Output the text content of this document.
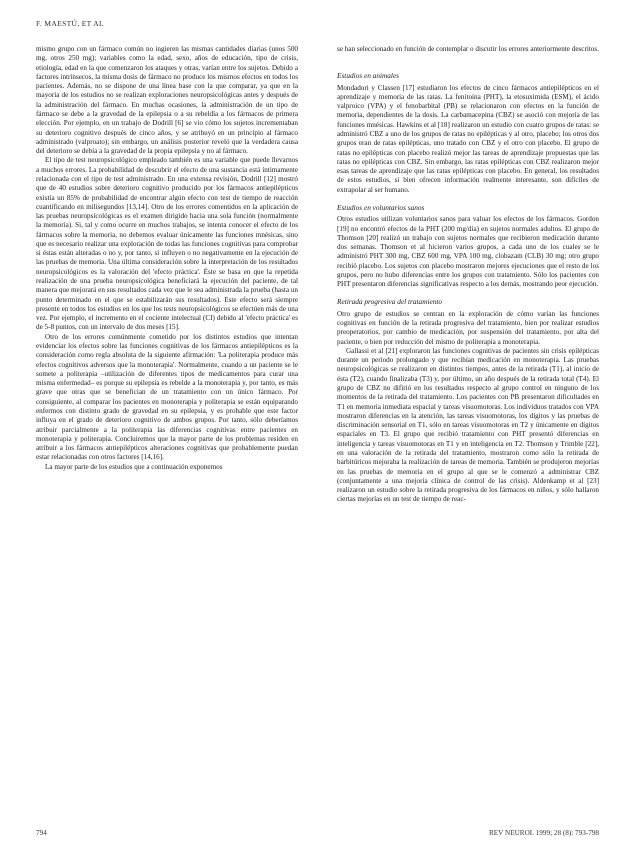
F. MAESTÚ, ET AL

mismo grupo con un fármaco común no ingieren las mismas cantidades diarias (unos 500 mg, otros 250 mg); variables como la edad, sexo, años de educación, tipo de crisis, etiología, edad en la que comenzaron los ataques y otras, varían entre los sujetos. Debido a factores intrínsecos, la misma dosis de fármaco no produce los mismos efectos en todos los pacientes. Además, no se dispone de una línea base con la que comparar, ya que en la mayoría de los estudios no se realizan exploraciones neuropsicológicas antes y después de la administración del fármaco. En muchas ocasiones, la administración de un tipo de fármaco se debe a la gravedad de la epilepsia o a su rebeldía a los fármacos de primera elección. Por ejemplo, en un trabajo de Dodrill [6] se vio cómo los sujetos incrementaban su deterioro cognitivo después de cinco años, y se atribuyó en un principio al fármaco administrado (valproato); sin embargo, un análisis posterior reveló que la verdadera causa del deterioro se debía a la gravedad de la propia epilepsia y no al fármaco.

El tipo de test neuropsicológico empleado también es una variable que puede llevarnos a muchos errores. La probabilidad de descubrir el efecto de una sustancia está íntimamente relacionada con el tipo de test administrado. En una extensa revisión, Dodrill [12] mostró que de 40 estudios sobre deterioro cognitivo producido por los fármacos antiepilépticos existía un 85% de probabilidad de encontrar algún efecto con test de tiempo de reacción cuantificando en milisegundos [13,14]. Otro de los errores comentidos en la aplicación de las pruebas neuropsicológicas es el examen dirigido hacia una sola función (normalmente la memoria). Si, tal y como ocurre en muchos trabajos, se intenta conocer el efecto de los fármacos sobre la memoria, no debemos evaluar únicamente las funciones mnésicas, sino que es necesario realizar una exploración de todas las funciones cognitivas para comprobar si éstas están alteradas o no y, por tanto, si influyen o no negativamente en la ejecución de las pruebas de memoria. Una última consideración sobre la interpretación de los resultados neuropsicológicos es la valoración del 'efecto práctica'. Éste se basa en que la repetida realización de una prueba neuropsicológica beneficiará la ejecución del paciente, de tal manera que mejorará en sus resultados cada vez que le sea administrada la prueba (hasta un punto determinado en el que se estabilizarán sus resultados). Este efecto será siempre presente en todos los estudios en los que los tests neuropsicológicos se efectúen más de una vez. Por ejemplo, el incremento en el cociente intelectual (CI) debido al 'efecto práctica' es de 5-8 puntos, con un intervalo de dos meses [15].

Otro de los errores comúnmente cometido por los distintos estudios que intentan evidenciar los efectos sobre las funciones cognitivas de los fármacos antiepilépticos es la consideración como regla absoluta de la siguiente afirmación: 'La politerapia produce más efectos cognitivos adversos que la monoterapia'. Normalmente, cuando a un paciente se le somete a politerapia –utilización de diferentes tipos de medicamentos para curar una misma enfermedad– es porque su epilepsia es rebelde a la monoterapia y, por tanto, es más grave que otras que se benefician de un tratamiento con un único fármaco. Por consiguiente, al comparar los pacientes en monoterapia y politerapia se están equiparando enfermos con distinto grado de gravedad en su epilepsia, y es probable que este factor influya en el grado de deterioro cognitivo de ambos grupos. Por tanto, sólo deberíamos atribuir parcialmente a la politerapia las diferencias cognitivas entre pacientes en monoterapia y politerapia. Concluiremos que la mayor parte de los problemas residen en atribuir a los fármacos antiepilépticos alteraciones cognitivas que probablemente puedan estar relacionadas con otros factores [14,16].

La mayor parte de los estudios que a continuación exponemos

se han seleccionado en función de contemplar o discutir los errores anteriormente descritos.

Estudios en animales

Mondadori y Classen [17] estudiaron los efectos de cinco fármacos antiepilépticos en el aprendizaje y memoria de las ratas. La fenitoína (PHT), la etosuximida (ESM), el ácido valproico (VPA) y el fenobarbital (PB) se relacionaron con efectos en la función de memoria, dependientes de la dosis. La carbamacepina (CBZ) se asoció con mejoría de las funciones mnésicas. Hawkins et al [18] realizaron un estudio con cuatro grupos de ratas: se administró CBZ a uno de los grupos de ratas no epilépticas y al otro, placebo; los otros dos grupos eran de ratas epilépticas, uno tratado con CBZ y el otro con placebo. El grupo de ratas no epilépticas con placebo realizó mejor las tareas de aprendizaje propuestas que las ratas no epilépticas con CBZ. Sin embargo, las ratas epilépticas con CBZ realizaron mejor esas tareas de aprendizaje que las ratas epilépticas con placebo. En general, los resultados de estos estudios, si bien ofrecen información realmente interesante, son difíciles de extrapolar al ser humano.

Estudios en voluntarios sanos

Otros estudios utilizan voluntarios sanos para valuar los efectos de los fármacos. Gordon [19] no encontró efectos de la PHT (200 mg/día) en sujetos normales adultos. El grupo de Thomson [20] realizó un trabajo con sujetos normales que recibieron medicación durante dos semanas. Thomson et al hicieron varios grupos, a cada uno de los cuales se le administró PHT 300 mg, CBZ 600 mg, VPA 100 mg, clobazam (CLB) 30 mg; otro grupo recibió placebo. Los sujetos con placebo mostraron mejores ejecuciones que el resto de los grupos, pero no hubo diferencias entre los grupos con tratamiento. Sólo los pacientes con PHT presentaron diferencias significativas respecto a los demás, mostrando peor ejecución.

Retirada progresiva del tratamiento

Otro grupo de estudios se centran en la exploración de cómo varían las funciones cognitivas en función de la retirada progresiva del tratamiento, bien por realizar estudios preoperatorios, por cambio de medicación, por suspensión del tratamiento, por alta del paciente, o bien por reducción del mismo de politerapia a monoterapia.

Gallassi et al [21] exploraron las funciones cognitivas de pacientes sin crisis epilépticas durante un período prolongado y que recibían medicación en monoterapia. Las pruebas neuropsicológicas se realizaron en distintos tiempos, antes de la retirada (T1), al inicio de ésta (T2), cuando finalizaba (T3) y, por último, un año después de la retirada total (T4). El grupo de CBZ no difirió en los resultados respecto al grupo control en ninguno de los momentos de la retirada del tratamiento. Los pacientes con PB presentaron dificultades en T1 en memoria inmediata espacial y tareas visuomotoras. Los individuos tratados con VPA mostraron diferencias en la atención, las tareas visuomotoras, los dígitos y las pruebas de discriminación sensorial en T1, sólo en tareas visuomotoras en T2 y únicamente en dígitos espaciales en T3. El grupo que recibió tratamiento con PHT presentó diferencias en inteligencia y tareas visuomotoras en T1 y en inteligencia en T2. Thomson y Trimble [22], en una valoración de la retirada del tratamiento, mostraron como sólo la retirada de barbitúricos mejoraba la realización de tareas de memoria. También se produjeron mejorías en las pruebas de memoria en el grupo al que se le comenzó a administrar CBZ (conjuntamente a una mejoría clínica de control de las crisis). Aldenkamp et al [23] realizaron un estudio sobre la retirada progresiva de los fármacos en niños, y sólo hallaron ciertas mejorías en un test de tiempo de reac-

794	REV NEUROL 1999; 28 (8): 793-798
